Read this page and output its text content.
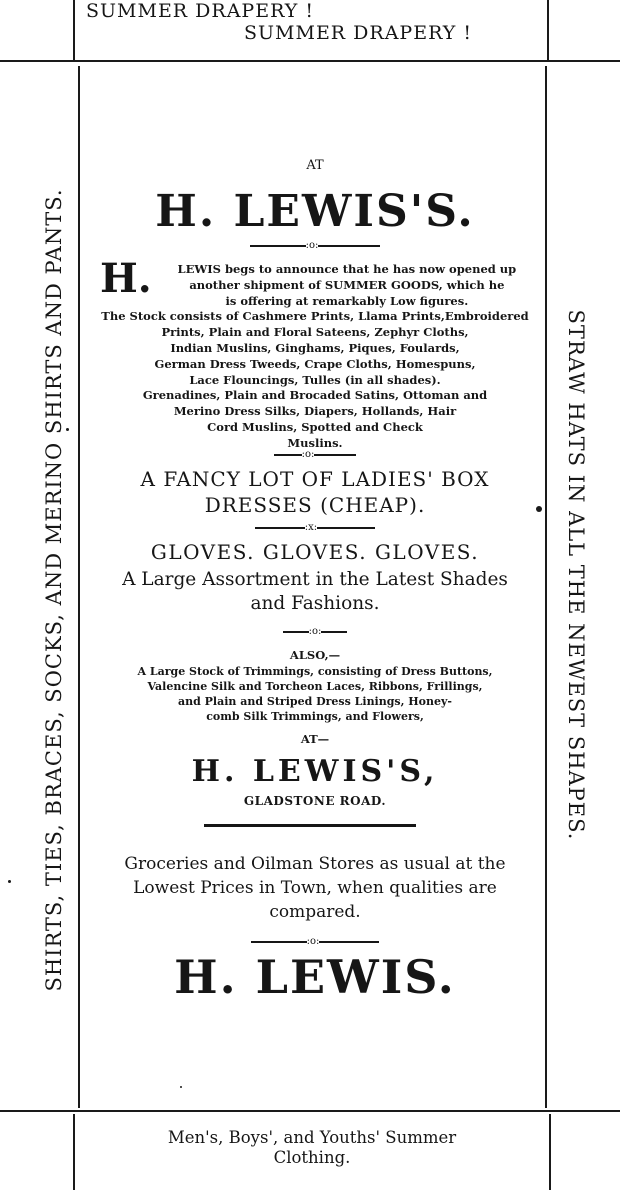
SUMMER DRAPERY !
SUMMER DRAPERY !
SHIRTS, TIES, BRACES, SOCKS, AND MERINO SHIRTS AND PANTS.	STRAW HATS IN ALL THE NEWEST SHAPES.
AT
H. LEWIS'S.
:o:
H.	LEWIS begs to announce that he has now opened up
another shipment of SUMMER GOODS, which he
is offering at remarkably Low figures.
The Stock consists of Cashmere Prints, Llama Prints,Embroidered
Prints, Plain and Floral Sateens, Zephyr Cloths,
Indian Muslins, Ginghams, Piques, Foulards,
German Dress Tweeds, Crape Cloths, Homespuns,
Lace Flouncings, Tulles (in all shades).
Grenadines, Plain and Brocaded Satins, Ottoman and
Merino Dress Silks, Diapers, Hollands, Hair
Cord Muslins, Spotted and Check
Muslins.
:o:
A FANCY LOT OF LADIES' BOX
DRESSES (CHEAP).
:x:
GLOVES. GLOVES. GLOVES.
A Large Assortment in the Latest Shades
and Fashions.
:o:
ALSO,—
A Large Stock of Trimmings, consisting of Dress Buttons,
Valencine Silk and Torcheon Laces, Ribbons, Frillings,
and Plain and Striped Dress Linings, Honey-
comb Silk Trimmings, and Flowers,
AT—
H. LEWIS'S,
GLADSTONE ROAD.
Groceries and Oilman Stores as usual at the
Lowest Prices in Town, when qualities are
compared.
:o:
H. LEWIS.
Men's, Boys', and Youths' Summer
Clothing.
